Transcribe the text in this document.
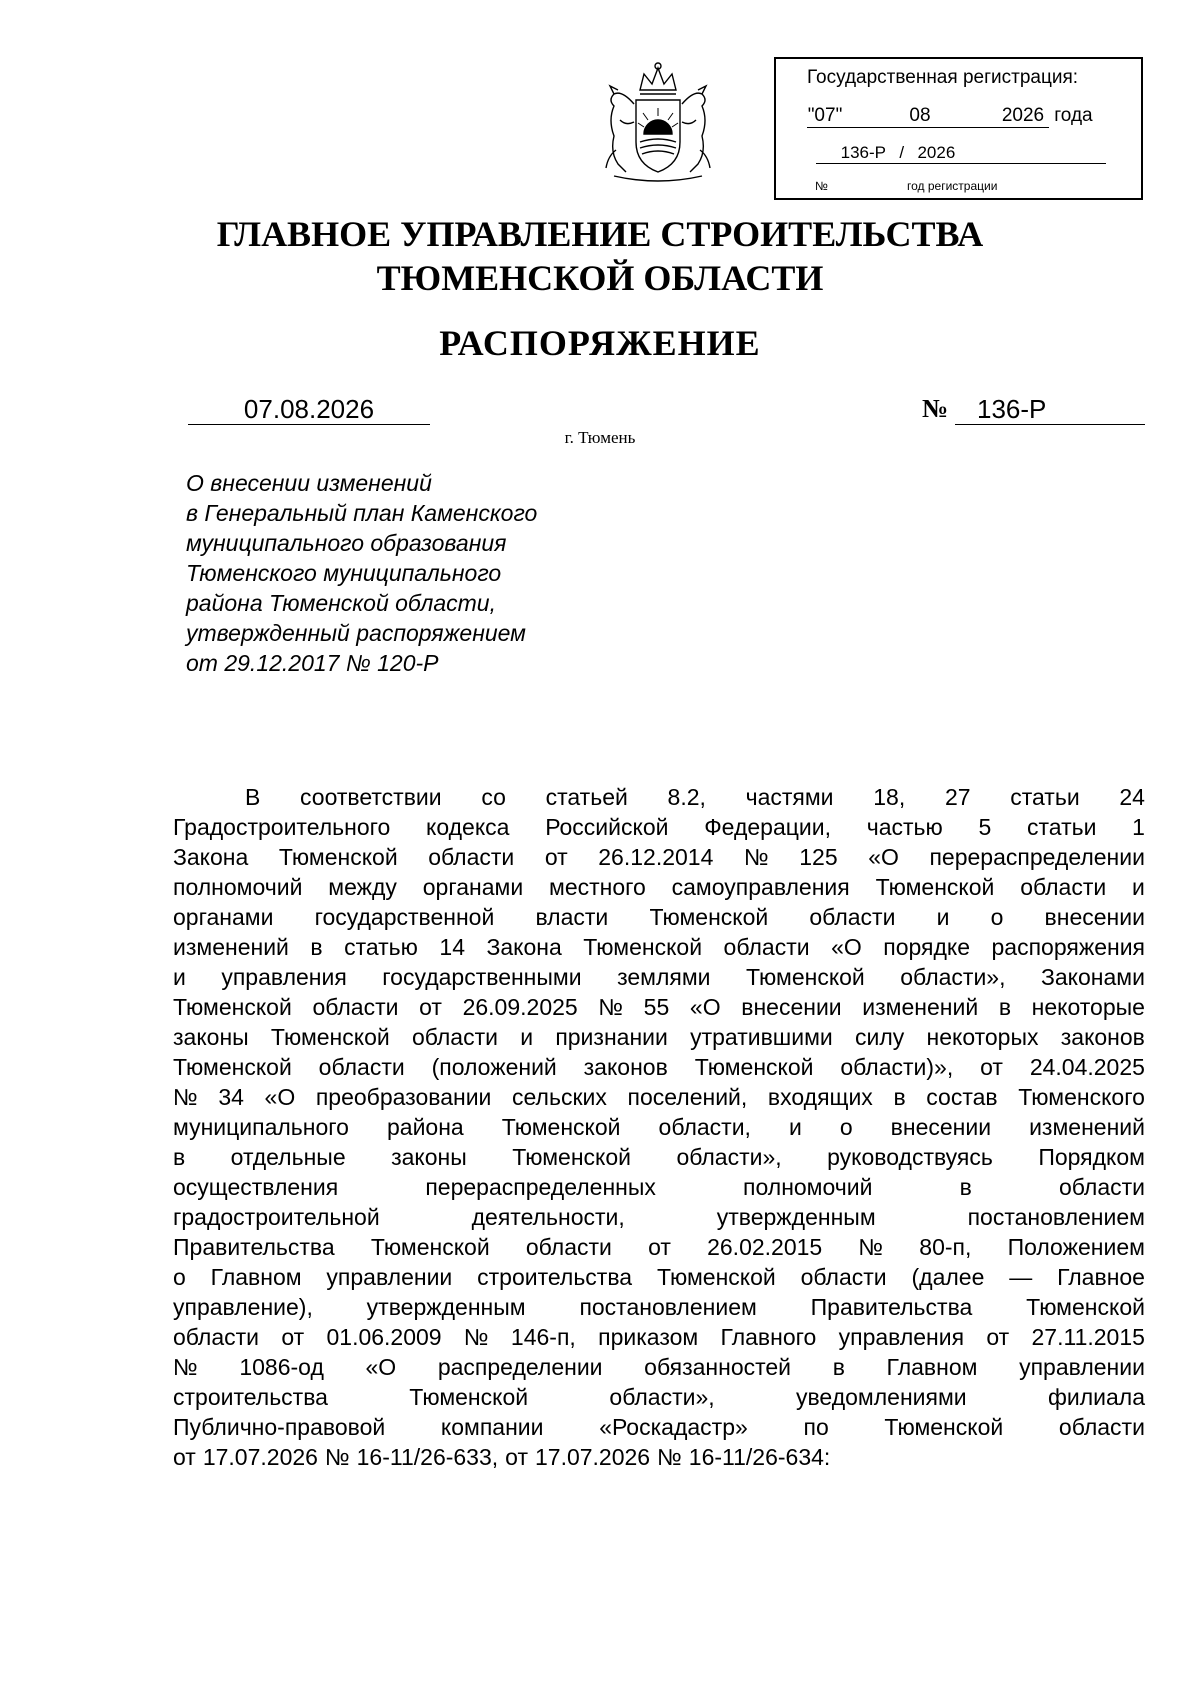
Государственная регистрация:
"07"	08	2026 года
136-Р / 2026
№	год регистрации
ГЛАВНОЕ УПРАВЛЕНИЕ СТРОИТЕЛЬСТВА
ТЮМЕНСКОЙ ОБЛАСТИ
РАСПОРЯЖЕНИЕ
07.08.2026	№	136-Р
г. Тюмень
О внесении изменений
в Генеральный план Каменского
муниципального образования
Тюменского муниципального
района Тюменской области,
утвержденный распоряжением
от 29.12.2017 № 120-Р
В соответствии со статьей 8.2, частями 18, 27 статьи 24
Градостроительного кодекса Российской Федерации, частью 5 статьи 1
Закона Тюменской области от 26.12.2014 № 125 «О перераспределении
полномочий между органами местного самоуправления Тюменской области и
органами государственной власти Тюменской области и о внесении
изменений в статью 14 Закона Тюменской области «О порядке распоряжения
и управления государственными землями Тюменской области», Законами
Тюменской области от 26.09.2025 № 55 «О внесении изменений в некоторые
законы Тюменской области и признании утратившими силу некоторых законов
Тюменской области (положений законов Тюменской области)», от 24.04.2025
№ 34 «О преобразовании сельских поселений, входящих в состав Тюменского
муниципального района Тюменской области, и о внесении изменений
в отдельные законы Тюменской области», руководствуясь Порядком
осуществления	перераспределенных	полномочий	в	области
градостроительной	деятельности,	утвержденным	постановлением
Правительства Тюменской области от 26.02.2015 № 80-п, Положением
о Главном управлении строительства Тюменской области (далее — Главное
управление), утвержденным постановлением Правительства Тюменской
области от 01.06.2009 № 146-п, приказом Главного управления от 27.11.2015
№ 1086-од «О распределении обязанностей в Главном управлении
строительства	Тюменской	области»,	уведомлениями	филиала
Публично-правовой компании «Роскадастр» по Тюменской области
от 17.07.2026 № 16-11/26-633, от 17.07.2026 № 16-11/26-634:
